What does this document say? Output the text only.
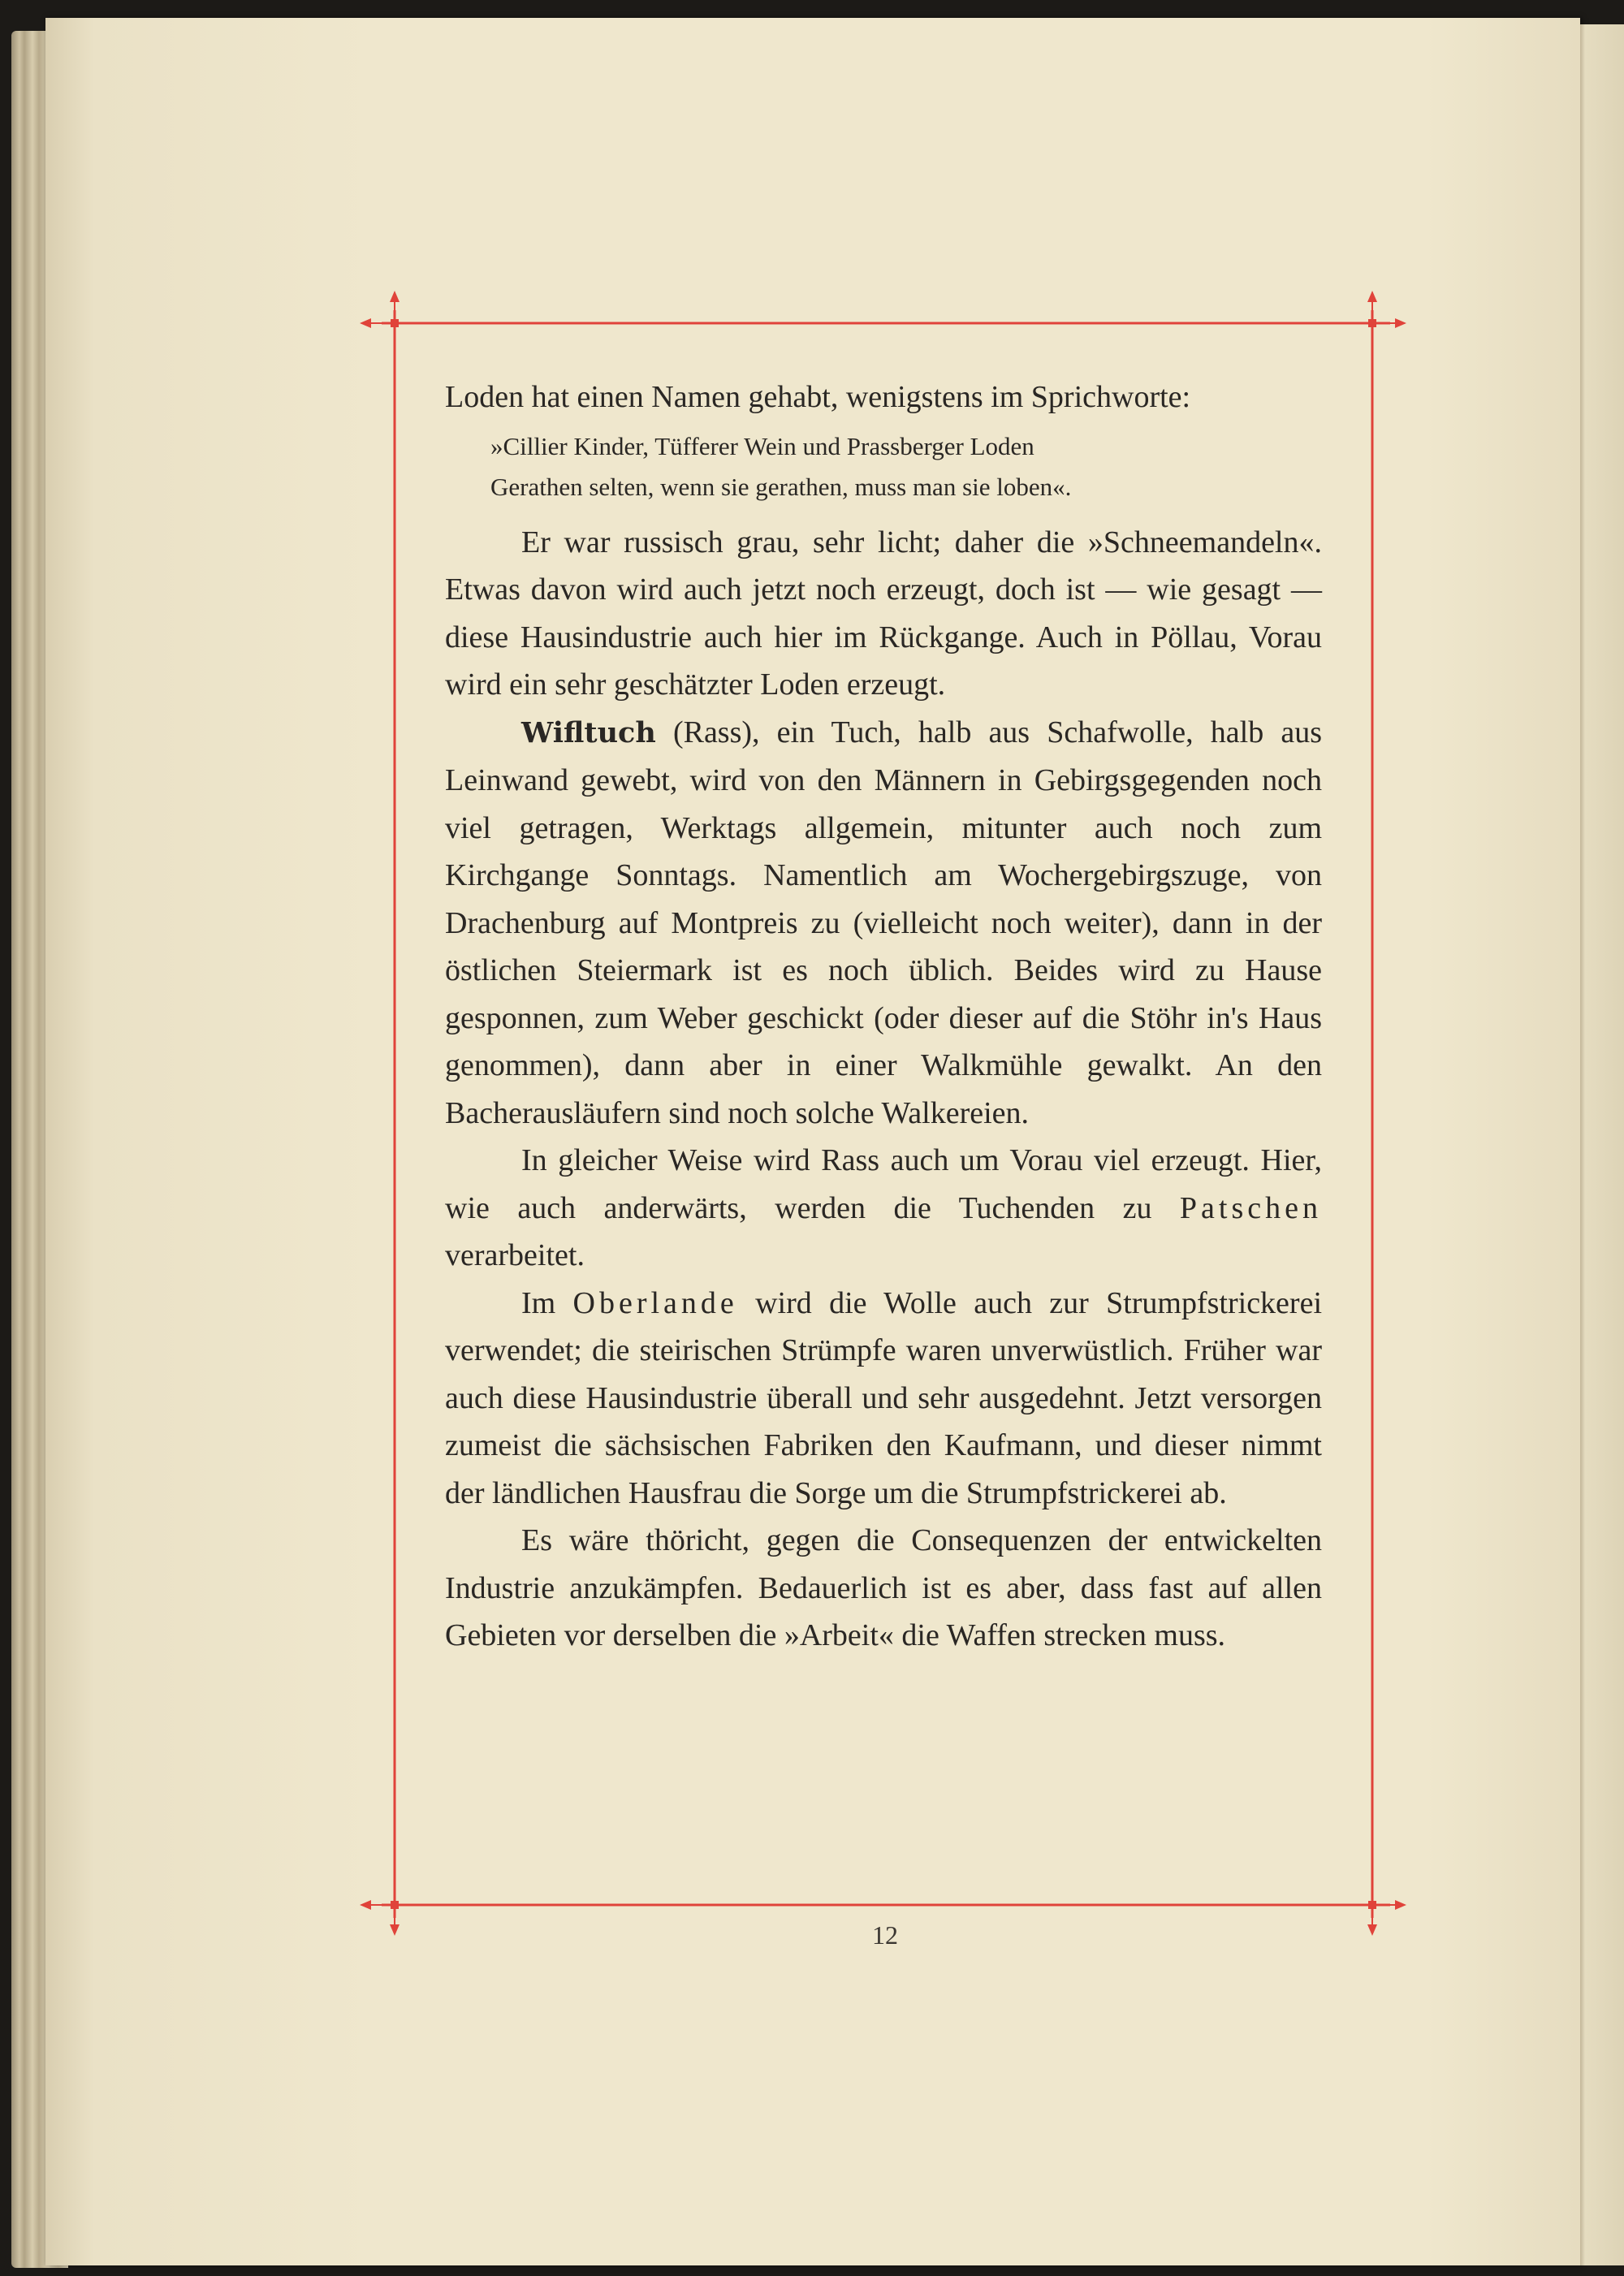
Loden hat einen Namen gehabt, wenigstens im Sprichworte:

»Cillier Kinder, Tüfferer Wein und Prassberger Loden
Gerathen selten, wenn sie gerathen, muss man sie loben«.

Er war russisch grau, sehr licht; daher die »Schneemandeln«. Etwas davon wird auch jetzt noch erzeugt, doch ist — wie gesagt — diese Hausindustrie auch hier im Rückgange. Auch in Pöllau, Vorau wird ein sehr geschätzter Loden erzeugt.

Wifltuch (Rass), ein Tuch, halb aus Schafwolle, halb aus Leinwand gewebt, wird von den Männern in Gebirgsgegenden noch viel getragen, Werktags allgemein, mitunter auch noch zum Kirchgange Sonntags. Namentlich am Wochergebirgszuge, von Drachenburg auf Montpreis zu (vielleicht noch weiter), dann in der östlichen Steiermark ist es noch üblich. Beides wird zu Hause gesponnen, zum Weber geschickt (oder dieser auf die Stöhr in's Haus genommen), dann aber in einer Walkmühle gewalkt. An den Bacherausläufern sind noch solche Walkereien.

In gleicher Weise wird Rass auch um Vorau viel erzeugt. Hier, wie auch anderwärts, werden die Tuchenden zu Patschen verarbeitet.

Im Oberlande wird die Wolle auch zur Strumpfstrickerei verwendet; die steirischen Strümpfe waren unverwüstlich. Früher war auch diese Hausindustrie überall und sehr ausgedehnt. Jetzt versorgen zumeist die sächsischen Fabriken den Kaufmann, und dieser nimmt der ländlichen Hausfrau die Sorge um die Strumpfstrickerei ab.

Es wäre thöricht, gegen die Consequenzen der entwickelten Industrie anzukämpfen. Bedauerlich ist es aber, dass fast auf allen Gebieten vor derselben die »Arbeit« die Waffen strecken muss.

12
